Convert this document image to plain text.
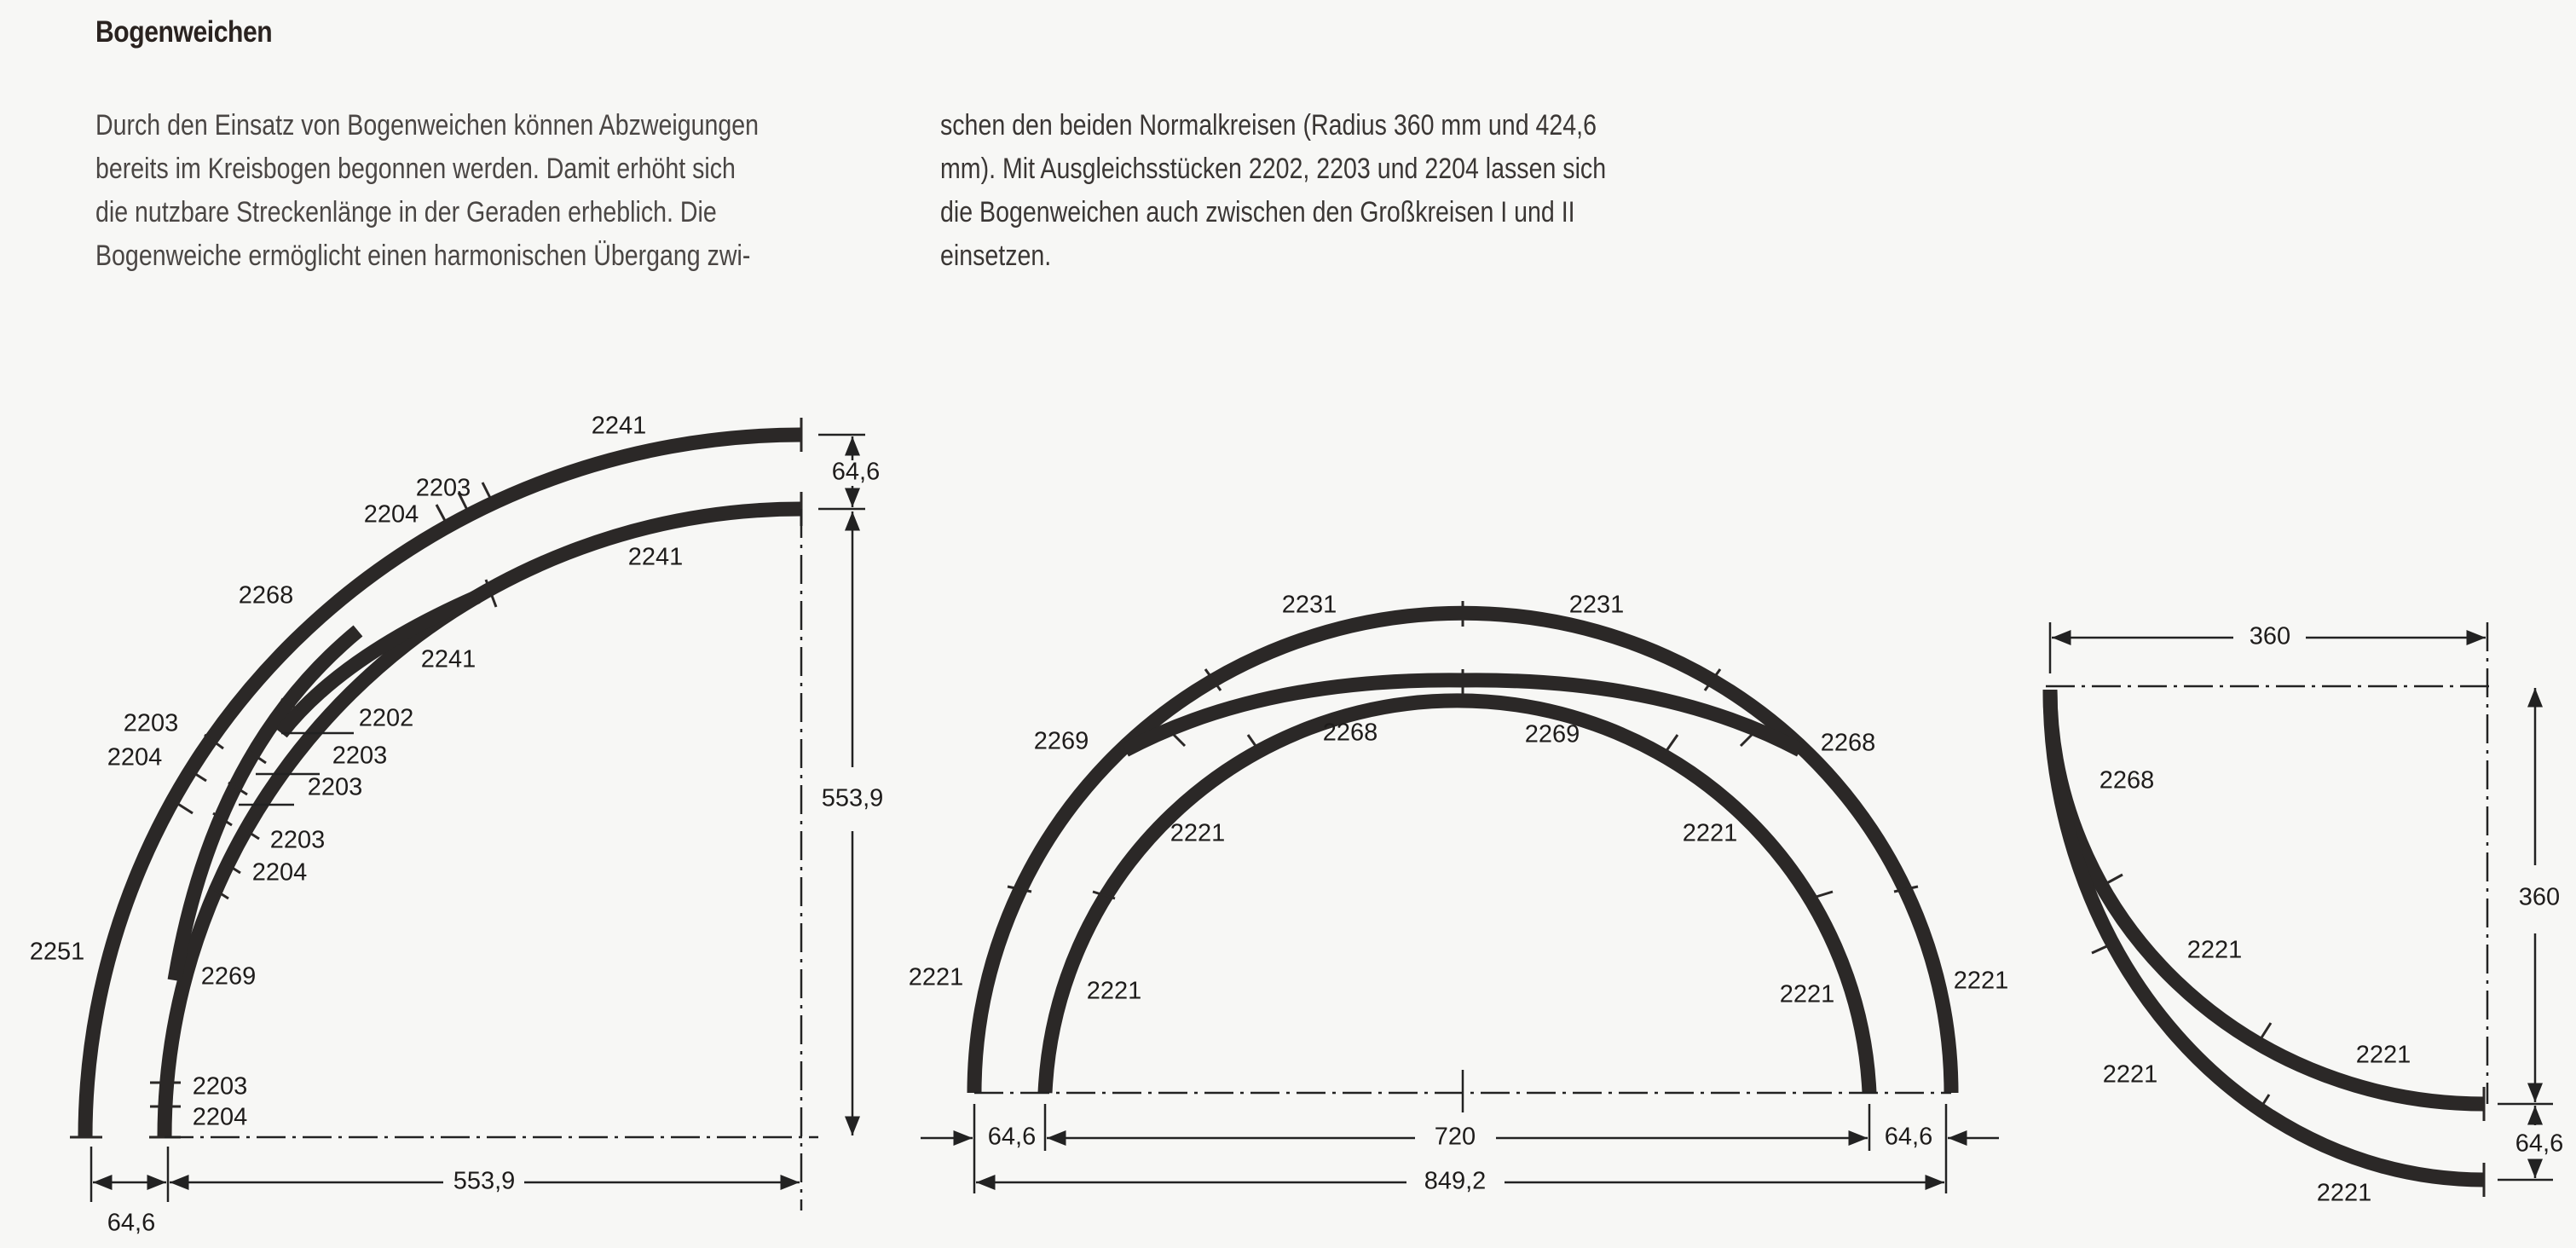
Bogenweichen
Durch den Einsatz von Bogenweichen können Abzweigungen
bereits im Kreisbogen begonnen werden. Damit erhöht sich
die nutzbare Streckenlänge in der Geraden erheblich. Die
Bogenweiche ermöglicht einen harmonischen Übergang zwi-
schen den beiden Normalkreisen (Radius 360 mm und 424,6
mm). Mit Ausgleichsstücken 2202, 2203 und 2204 lassen sich
die Bogenweichen auch zwischen den Großkreisen I und II
einsetzen.
2241
2203
2204
2241
2268
2241
2203	2202
2204	2203
2203
2203
2204
2251
2269
2203
2204
64,6
553,9
553,9
64,6
2231	2231
2269	2268	2269	2268
2221	2221
2221	2221	2221	2221
64,6	720	64,6
849,2
2268
2221
2221
2221
2221
360
360
64,6
